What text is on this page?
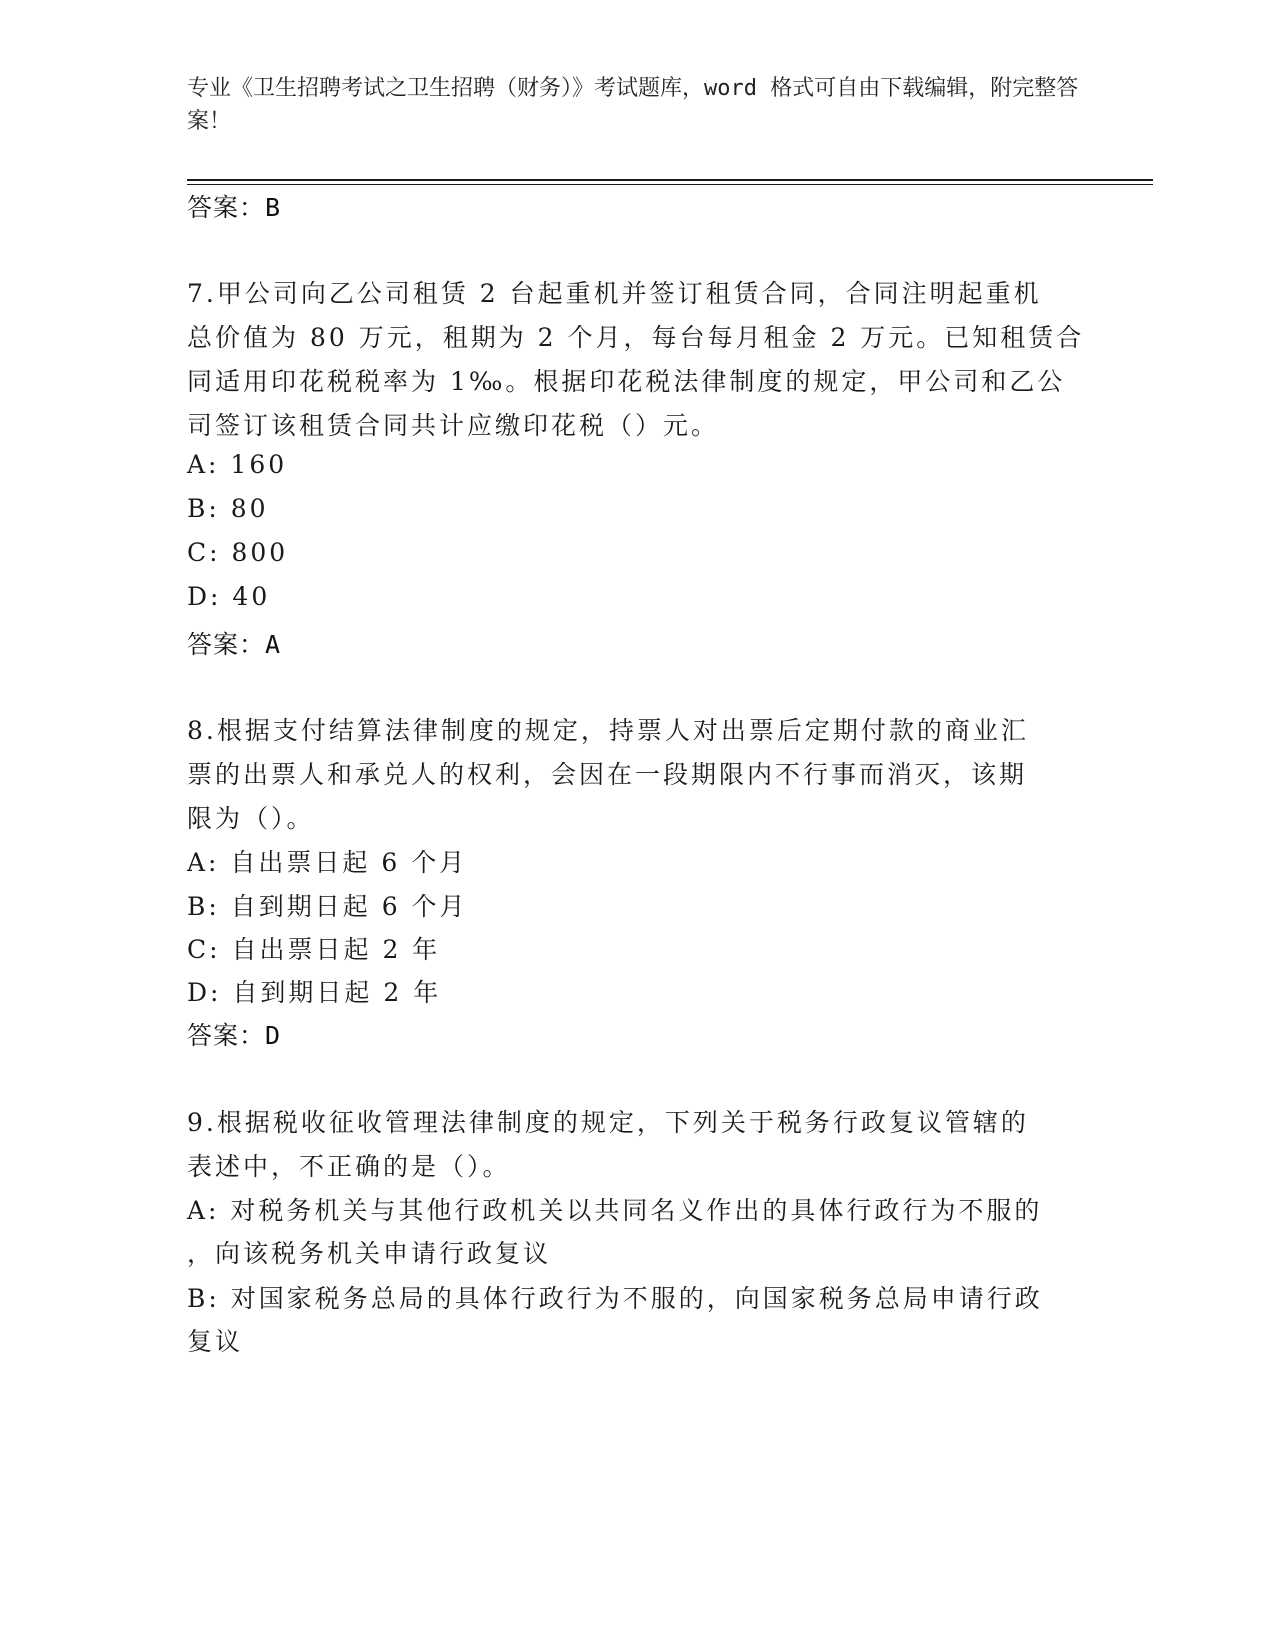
专业《卫生招聘考试之卫生招聘（财务）》考试题库，word 格式可自由下载编辑，附完整答案！
答案：B
7.甲公司向乙公司租赁 2 台起重机并签订租赁合同，合同注明起重机
总价值为 80 万元，租期为 2 个月，每台每月租金 2 万元。已知租赁合
同适用印花税税率为 1‰。根据印花税法律制度的规定，甲公司和乙公
司签订该租赁合同共计应缴印花税（）元。
A: 160
B: 80
C: 800
D: 40
答案：A
8.根据支付结算法律制度的规定，持票人对出票后定期付款的商业汇
票的出票人和承兑人的权利，会因在一段期限内不行事而消灭，该期
限为（）。
A: 自出票日起 6 个月
B: 自到期日起 6 个月
C: 自出票日起 2 年
D: 自到期日起 2 年
答案：D
9.根据税收征收管理法律制度的规定，下列关于税务行政复议管辖的
表述中，不正确的是（）。
A: 对税务机关与其他行政机关以共同名义作出的具体行政行为不服的
，向该税务机关申请行政复议
B: 对国家税务总局的具体行政行为不服的，向国家税务总局申请行政
复议
